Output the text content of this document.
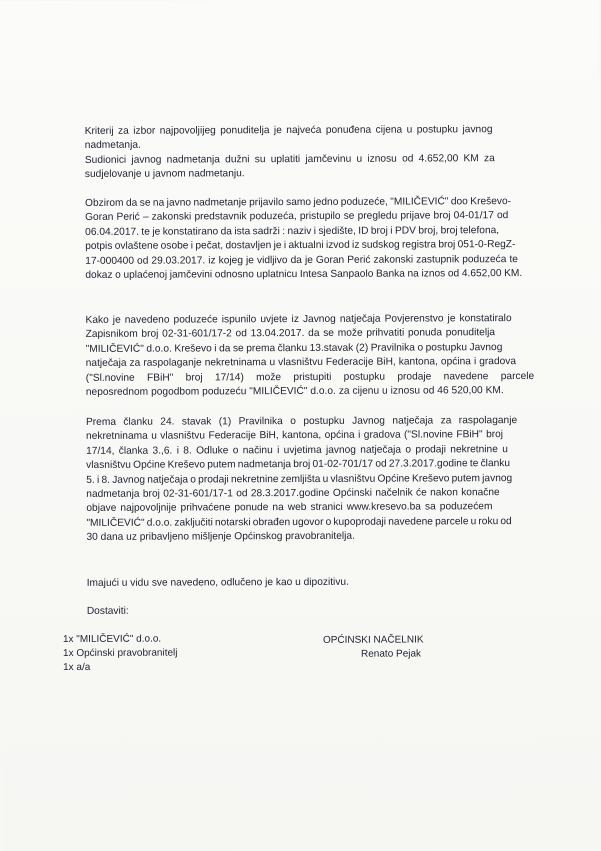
Kriterij za izbor najpovoljijeg ponuditelja je najveća ponuđena cijena u postupku javnog
nadmetanja.
Sudionici javnog nadmetanja dužni su uplatiti jamčevinu u iznosu od 4.652,00 KM za
sudjelovanje u javnom nadmetanju.
Obzirom da se na javno nadmetanje prijavilo samo jedno poduzeće, "MILIČEVIĆ" doo Kreševo-
Goran Perić – zakonski predstavnik poduzeća, pristupilo se pregledu prijave broj 04-01/17 od
06.04.2017. te je konstatirano da ista sadrži : naziv i sjedište, ID broj i PDV broj, broj telefona,
potpis ovlaštene osobe i pečat, dostavljen je i aktualni izvod iz sudskog registra broj 051-0-RegZ-
17-000400 od 29.03.2017. iz kojeg je vidljivo da je Goran Perić zakonski zastupnik poduzeća te
dokaz o uplaćenoj jamčevini odnosno uplatnicu Intesa Sanpaolo Banka na iznos od 4.652,00 KM.
Kako je navedeno poduzeće ispunilo uvjete iz Javnog natječaja Povjerenstvo je konstatiralo
Zapisnikom broj 02-31-601/17-2 od 13.04.2017. da se može prihvatiti ponuda ponuditelja
"MILIČEVIĆ" d.o.o. Kreševo i da se prema članku 13.stavak (2) Pravilnika o postupku Javnog
natječaja za raspolaganje nekretninama u vlasništvu Federacije BiH, kantona, općina i gradova
("Sl.novine FBiH" broj 17/14) može pristupiti postupku prodaje navedene parcele
neposrednom pogodbom poduzeću "MILIČEVIĆ" d.o.o. za cijenu u iznosu od 46 520,00 KM.
Prema članku 24. stavak (1) Pravilnika o postupku Javnog natječaja za raspolaganje
nekretninama u vlasništvu Federacije BiH, kantona, općina i gradova ("Sl.novine FBiH" broj
17/14, članka 3.,6. i 8. Odluke o načinu i uvjetima javnog natječaja o prodaji nekretnine u
vlasništvu Općine Kreševo putem nadmetanja broj 01-02-701/17 od 27.3.2017.godine te članku
5. i 8. Javnog natječaja o prodaji nekretnine zemljišta u vlasništvu Općine Kreševo putem javnog
nadmetanja broj 02-31-601/17-1 od 28.3.2017.godine Općinski načelnik će nakon konačne
objave najpovoljnije prihvaćene ponude na web stranici www.kresevo.ba sa poduzećem
"MILIČEVIĆ" d.o.o. zaključiti notarski obrađen ugovor o kupoprodaji navedene parcele u roku od
30 dana uz pribavljeno mišljenje Općinskog pravobranitelja.
Imajući u vidu sve navedeno, odlučeno je kao u dipozitivu.
Dostaviti:
1x "MILIČEVIĆ" d.o.o.
1x Općinski pravobranitelj
1x a/a
OPĆINSKI NAČELNIK
Renato Pejak
